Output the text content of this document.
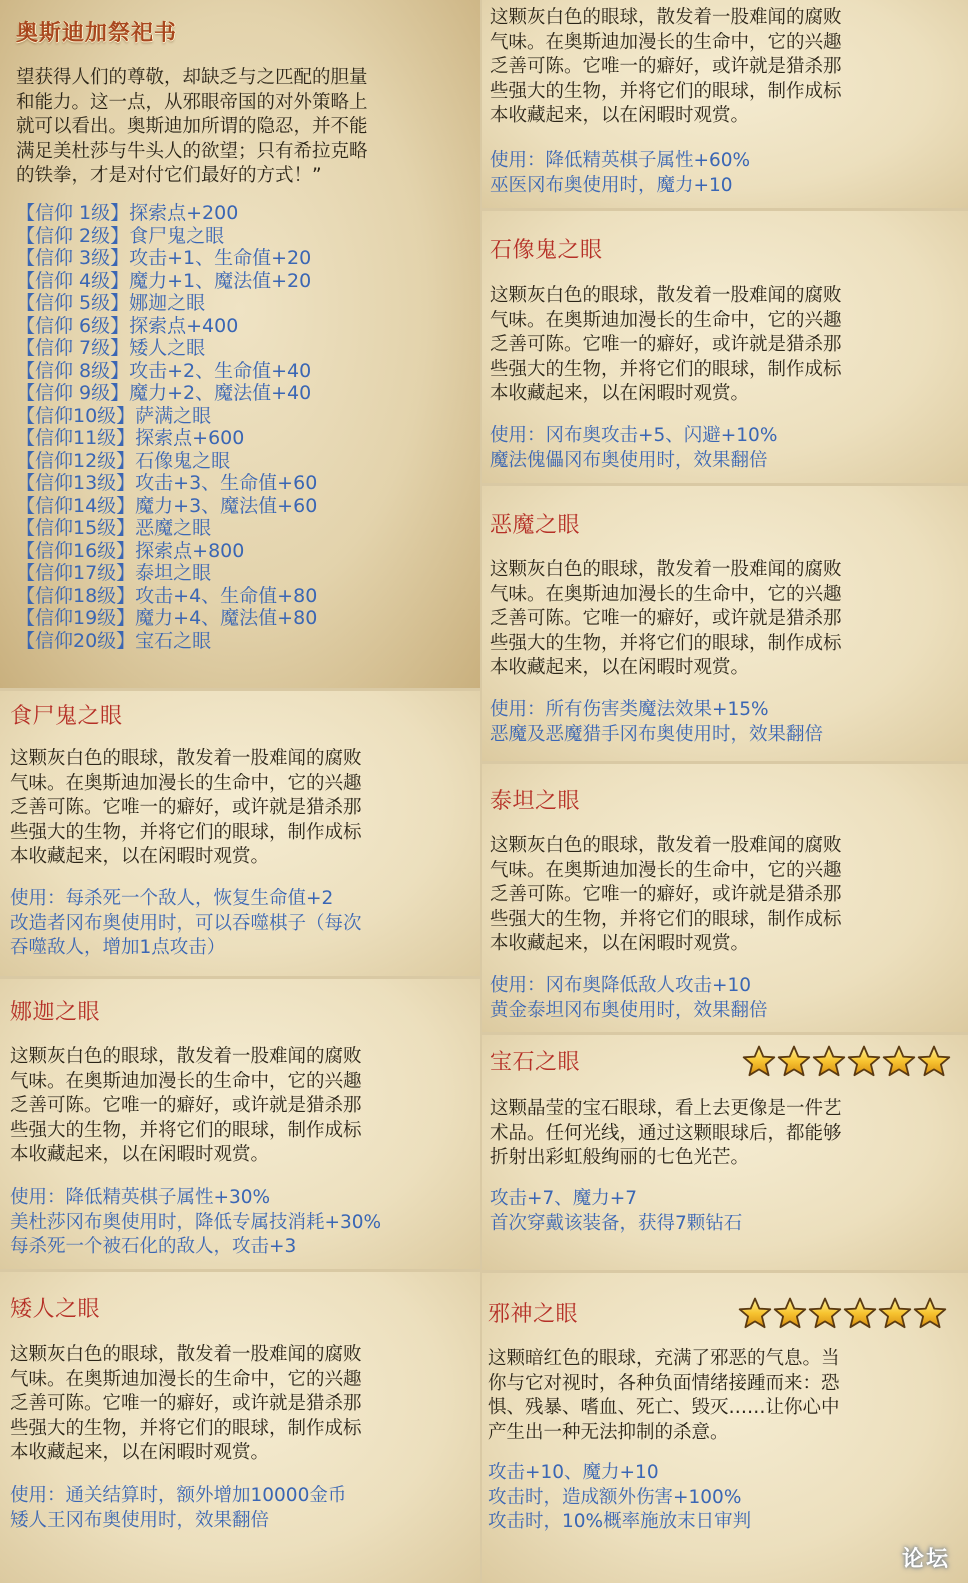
奥斯迪加祭祀书
望获得人们的尊敬，却缺乏与之匹配的胆量
和能力。这一点，从邪眼帝国的对外策略上
就可以看出。奥斯迪加所谓的隐忍，并不能
满足美杜莎与牛头人的欲望；只有希拉克略
的铁拳，才是对付它们最好的方式！”
【信仰 1级】探索点+200
【信仰 2级】食尸鬼之眼
【信仰 3级】攻击+1、生命值+20
【信仰 4级】魔力+1、魔法值+20
【信仰 5级】娜迦之眼
【信仰 6级】探索点+400
【信仰 7级】矮人之眼
【信仰 8级】攻击+2、生命值+40
【信仰 9级】魔力+2、魔法值+40
【信仰10级】萨满之眼
【信仰11级】探索点+600
【信仰12级】石像鬼之眼
【信仰13级】攻击+3、生命值+60
【信仰14级】魔力+3、魔法值+60
【信仰15级】恶魔之眼
【信仰16级】探索点+800
【信仰17级】泰坦之眼
【信仰18级】攻击+4、生命值+80
【信仰19级】魔力+4、魔法值+80
【信仰20级】宝石之眼
这颗灰白色的眼球，散发着一股难闻的腐败
气味。在奥斯迪加漫长的生命中，它的兴趣
乏善可陈。它唯一的癖好，或许就是猎杀那
些强大的生物，并将它们的眼球，制作成标
本收藏起来，以在闲暇时观赏。
使用：降低精英棋子属性+60%
巫医冈布奥使用时，魔力+10
石像鬼之眼
这颗灰白色的眼球，散发着一股难闻的腐败
气味。在奥斯迪加漫长的生命中，它的兴趣
乏善可陈。它唯一的癖好，或许就是猎杀那
些强大的生物，并将它们的眼球，制作成标
本收藏起来，以在闲暇时观赏。
使用：冈布奥攻击+5、闪避+10%
魔法傀儡冈布奥使用时，效果翻倍
恶魔之眼
这颗灰白色的眼球，散发着一股难闻的腐败
气味。在奥斯迪加漫长的生命中，它的兴趣
乏善可陈。它唯一的癖好，或许就是猎杀那
些强大的生物，并将它们的眼球，制作成标
本收藏起来，以在闲暇时观赏。
使用：所有伤害类魔法效果+15%
恶魔及恶魔猎手冈布奥使用时，效果翻倍
泰坦之眼
这颗灰白色的眼球，散发着一股难闻的腐败
气味。在奥斯迪加漫长的生命中，它的兴趣
乏善可陈。它唯一的癖好，或许就是猎杀那
些强大的生物，并将它们的眼球，制作成标
本收藏起来，以在闲暇时观赏。
使用：冈布奥降低敌人攻击+10
黄金泰坦冈布奥使用时，效果翻倍
宝石之眼
这颗晶莹的宝石眼球，看上去更像是一件艺
术品。任何光线，通过这颗眼球后，都能够
折射出彩虹般绚丽的七色光芒。
攻击+7、魔力+7
首次穿戴该装备，获得7颗钻石
邪神之眼
这颗暗红色的眼球，充满了邪恶的气息。当
你与它对视时，各种负面情绪接踵而来：恐
惧、残暴、嗜血、死亡、毁灭……让你心中
产生出一种无法抑制的杀意。
攻击+10、魔力+10
攻击时，造成额外伤害+100%
攻击时，10%概率施放末日审判
论坛
食尸鬼之眼
这颗灰白色的眼球，散发着一股难闻的腐败
气味。在奥斯迪加漫长的生命中，它的兴趣
乏善可陈。它唯一的癖好，或许就是猎杀那
些强大的生物，并将它们的眼球，制作成标
本收藏起来，以在闲暇时观赏。
使用：每杀死一个敌人，恢复生命值+2
改造者冈布奥使用时，可以吞噬棋子（每次
吞噬敌人，增加1点攻击）
娜迦之眼
这颗灰白色的眼球，散发着一股难闻的腐败
气味。在奥斯迪加漫长的生命中，它的兴趣
乏善可陈。它唯一的癖好，或许就是猎杀那
些强大的生物，并将它们的眼球，制作成标
本收藏起来，以在闲暇时观赏。
使用：降低精英棋子属性+30%
美杜莎冈布奥使用时，降低专属技消耗+30%
每杀死一个被石化的敌人，攻击+3
矮人之眼
这颗灰白色的眼球，散发着一股难闻的腐败
气味。在奥斯迪加漫长的生命中，它的兴趣
乏善可陈。它唯一的癖好，或许就是猎杀那
些强大的生物，并将它们的眼球，制作成标
本收藏起来，以在闲暇时观赏。
使用：通关结算时，额外增加10000金币
矮人王冈布奥使用时，效果翻倍
